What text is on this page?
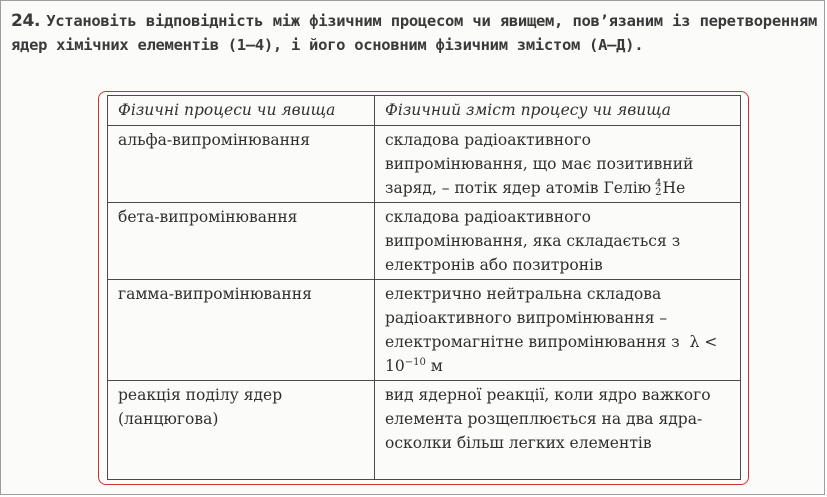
24. Установіть відповідність між фізичним процесом чи явищем, пов’язаним із перетворенням ядер хімічних елементів (1–4), і його основним фізичним змістом (А–Д).
Фізичні процеси чи явища	Фізичний зміст процесу чи явища
альфа-випромінювання	складова радіоактивного випромінювання, що має позитивний заряд, – потік ядер атомів Гелію 4
2 He
бета-випромінювання	складова радіоактивного випромінювання, яка складається з електронів або позитронів
гамма-випромінювання	електрично нейтральна складова радіоактивного випромінювання – електромагнітне випромінювання з $\lambda < 10^{-10}$ м
реакція поділу ядер (ланцюгова)	вид ядерної реакції, коли ядро важкого елемента розщеплюється на два ядра-осколки більш легких елементів
